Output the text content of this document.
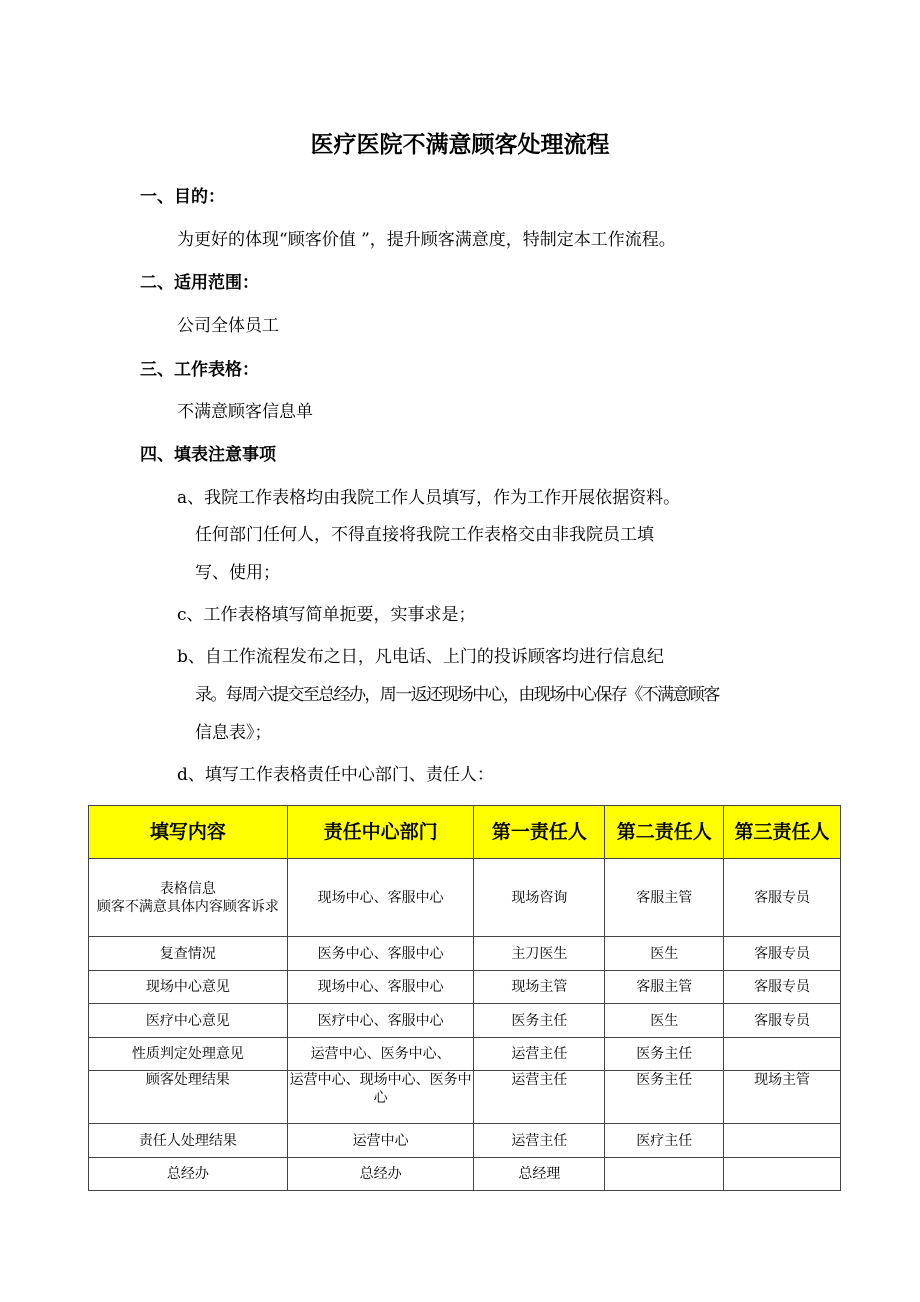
医疗医院不满意顾客处理流程
一、目的：
为更好的体现“顾客价值 ”，提升顾客满意度，特制定本工作流程。
二、适用范围：
公司全体员工
三、工作表格：
不满意顾客信息单
四、填表注意事项
a、我院工作表格均由我院工作人员填写，作为工作开展依据资料。
任何部门任何人，不得直接将我院工作表格交由非我院员工填
写、使用；
c、工作表格填写简单扼要，实事求是；
b、自工作流程发布之日，凡电话、上门的投诉顾客均进行信息纪
录。每周六提交至总经办，周一返还现场中心，由现场中心保存《不满意顾客
信息表》；
d、填写工作表格责任中心部门、责任人：
填写内容	责任中心部门	第一责任人	第二责任人	第三责任人
表格信息
顾客不满意具体内容顾客诉求	现场中心、客服中心	现场咨询	客服主管	客服专员
复查情况	医务中心、客服中心	主刀医生	医生	客服专员
现场中心意见	现场中心、客服中心	现场主管	客服主管	客服专员
医疗中心意见	医疗中心、客服中心	医务主任	医生	客服专员
性质判定处理意见	运营中心、医务中心、	运营主任	医务主任	
顾客处理结果	运营中心、现场中心、医务中心	运营主任	医务主任	现场主管
责任人处理结果	运营中心	运营主任	医疗主任	
总经办	总经办	总经理		
